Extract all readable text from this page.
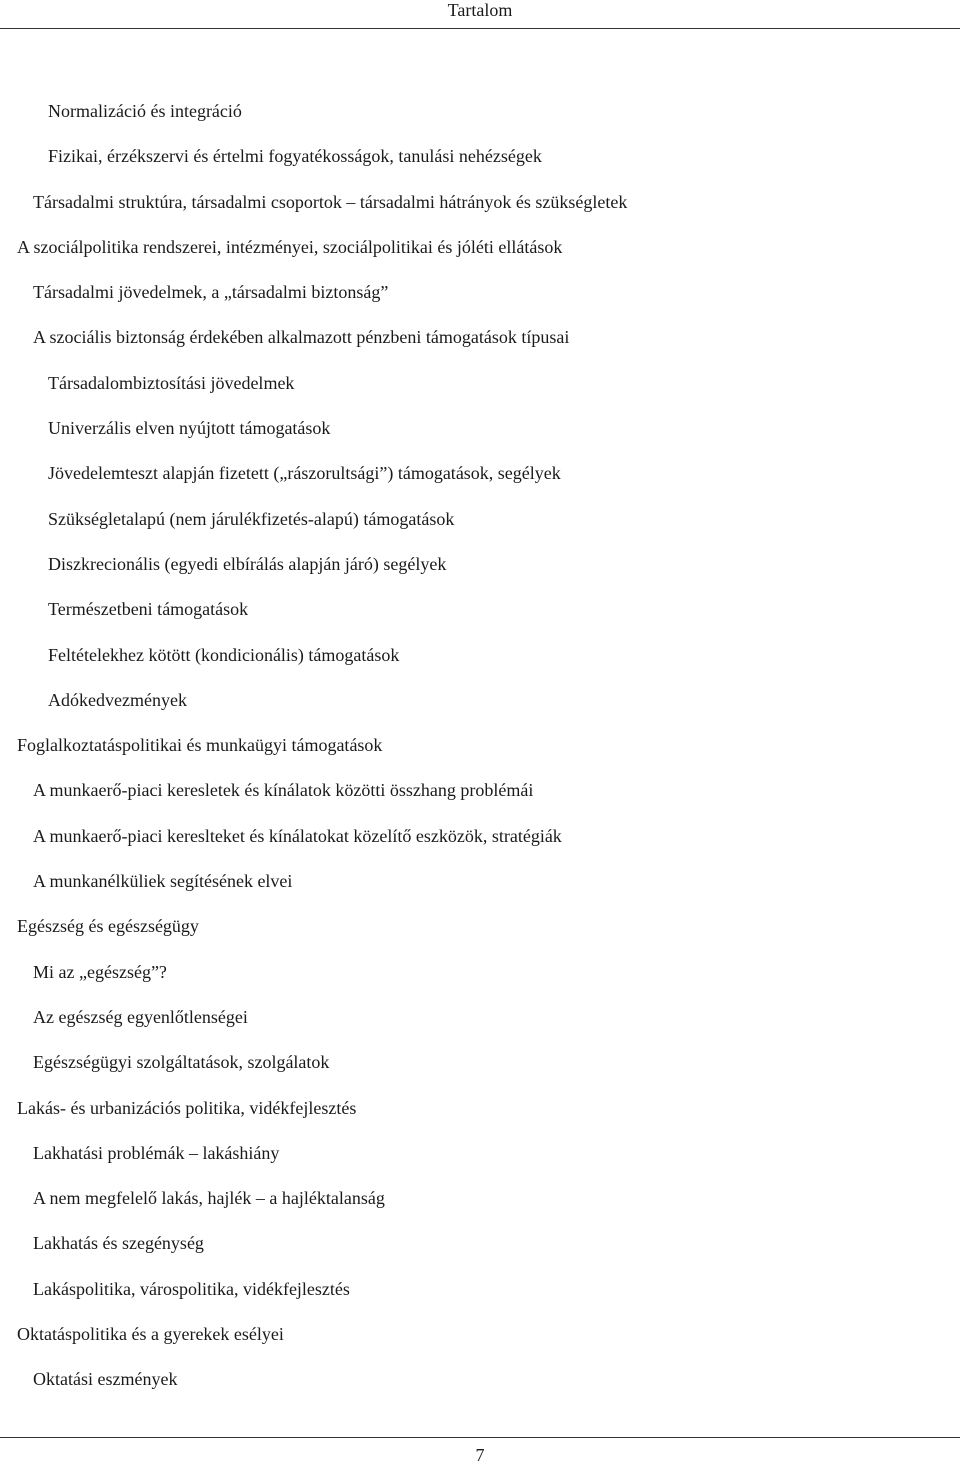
Tartalom
Normalizáció és integráció
Fizikai, érzékszervi és értelmi fogyatékosságok, tanulási nehézségek
Társadalmi struktúra, társadalmi csoportok – társadalmi hátrányok és szükségletek
A szociálpolitika rendszerei, intézményei, szociálpolitikai és jóléti ellátások
Társadalmi jövedelmek, a „társadalmi biztonság”
A szociális biztonság érdekében alkalmazott pénzbeni támogatások típusai
Társadalombiztosítási jövedelmek
Univerzális elven nyújtott támogatások
Jövedelemteszt alapján fizetett („rászorultsági”) támogatások, segélyek
Szükségletalapú (nem járulékfizetés-alapú) támogatások
Diszkrecionális (egyedi elbírálás alapján járó) segélyek
Természetbeni támogatások
Feltételekhez kötött (kondicionális) támogatások
Adókedvezmények
Foglalkoztatáspolitikai és munkaügyi támogatások
A munkaerő-piaci keresletek és kínálatok közötti összhang problémái
A munkaerő-piaci kereslteket és kínálatokat közelítő eszközök, stratégiák
A munkanélküliek segítésének elvei
Egészség és egészségügy
Mi az „egészség”?
Az egészség egyenlőtlenségei
Egészségügyi szolgáltatások, szolgálatok
Lakás- és urbanizációs politika, vidékfejlesztés
Lakhatási problémák – lakáshiány
A nem megfelelő lakás, hajlék – a hajléktalanság
Lakhatás és szegénység
Lakáspolitika, várospolitika, vidékfejlesztés
Oktatáspolitika és a gyerekek esélyei
Oktatási eszmények
7
